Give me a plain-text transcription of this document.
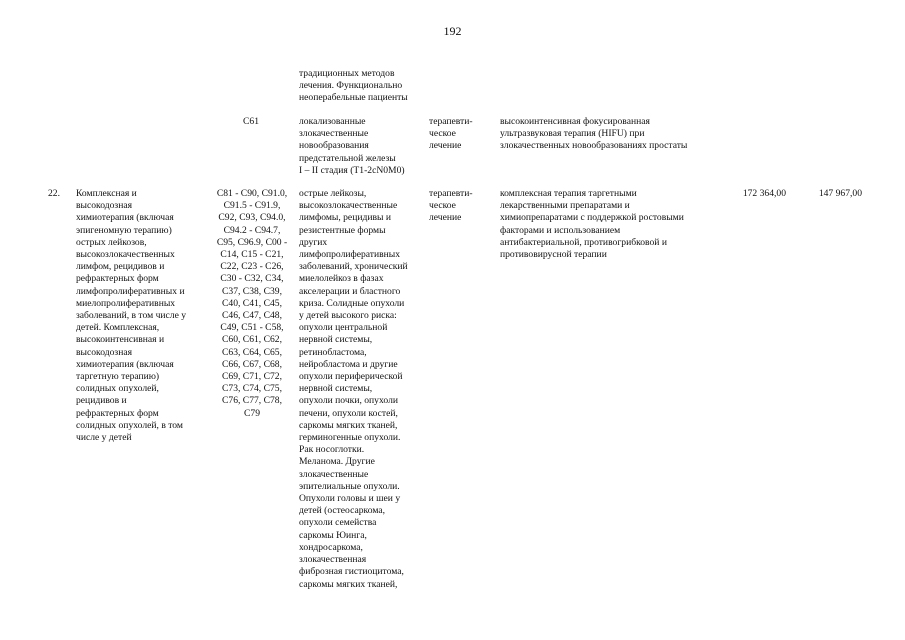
192
традиционных методов
лечения. Функционально
неоперабельные пациенты
C61	локализованные
злокачественные
новообразования
предстательной железы
I – II стадия (T1-2cN0M0)
терапевти-
ческое
лечение
высокоинтенсивная фокусированная
ультразвуковая терапия (HIFU) при
злокачественных новообразованиях простаты
22. Комплексная и
высокодозная
химиотерапия (включая
эпигеномную терапию)
острых лейкозов,
высокозлокачественных
лимфом, рецидивов и
рефрактерных форм
лимфопролиферативных и
миелопролиферативных
заболеваний, в том числе у
детей. Комплексная,
высокоинтенсивная и
высокодозная
химиотерапия (включая
таргетную терапию)
солидных опухолей,
рецидивов и
рефрактерных форм
солидных опухолей, в том
числе у детей
C81 - C90, C91.0,
C91.5 - C91.9,
C92, C93, C94.0,
C94.2 - C94.7,
C95, C96.9, C00 -
C14, C15 - C21,
C22, C23 - C26,
C30 - C32, C34,
C37, C38, C39,
C40, C41, C45,
C46, C47, C48,
C49, C51 - C58,
C60, C61, C62,
C63, C64, C65,
C66, C67, C68,
C69, C71, C72,
C73, C74, C75,
C76, C77, C78,
C79
острые лейкозы,
высокозлокачественные
лимфомы, рецидивы и
резистентные формы
других
лимфопролиферативных
заболеваний, хронический
миелолейкоз в фазах
акселерации и бластного
криза. Солидные опухоли
у детей высокого риска:
опухоли центральной
нервной системы,
ретинобластома,
нейробластома и другие
опухоли периферической
нервной системы,
опухоли почки, опухоли
печени, опухоли костей,
саркомы мягких тканей,
герминогенные опухоли.
Рак носоглотки.
Меланома. Другие
злокачественные
эпителиальные опухоли.
Опухоли головы и шеи у
детей (остеосаркома,
опухоли семейства
саркомы Юинга,
хондросаркома,
злокачественная
фиброзная гистиоцитома,
саркомы мягких тканей,
терапевти-
ческое
лечение
комплексная терапия таргетными
лекарственными препаратами и
химиопрепаратами с поддержкой ростовыми
факторами и использованием
антибактериальной, противогрибковой и
противовирусной терапии
172 364,00	147 967,00
